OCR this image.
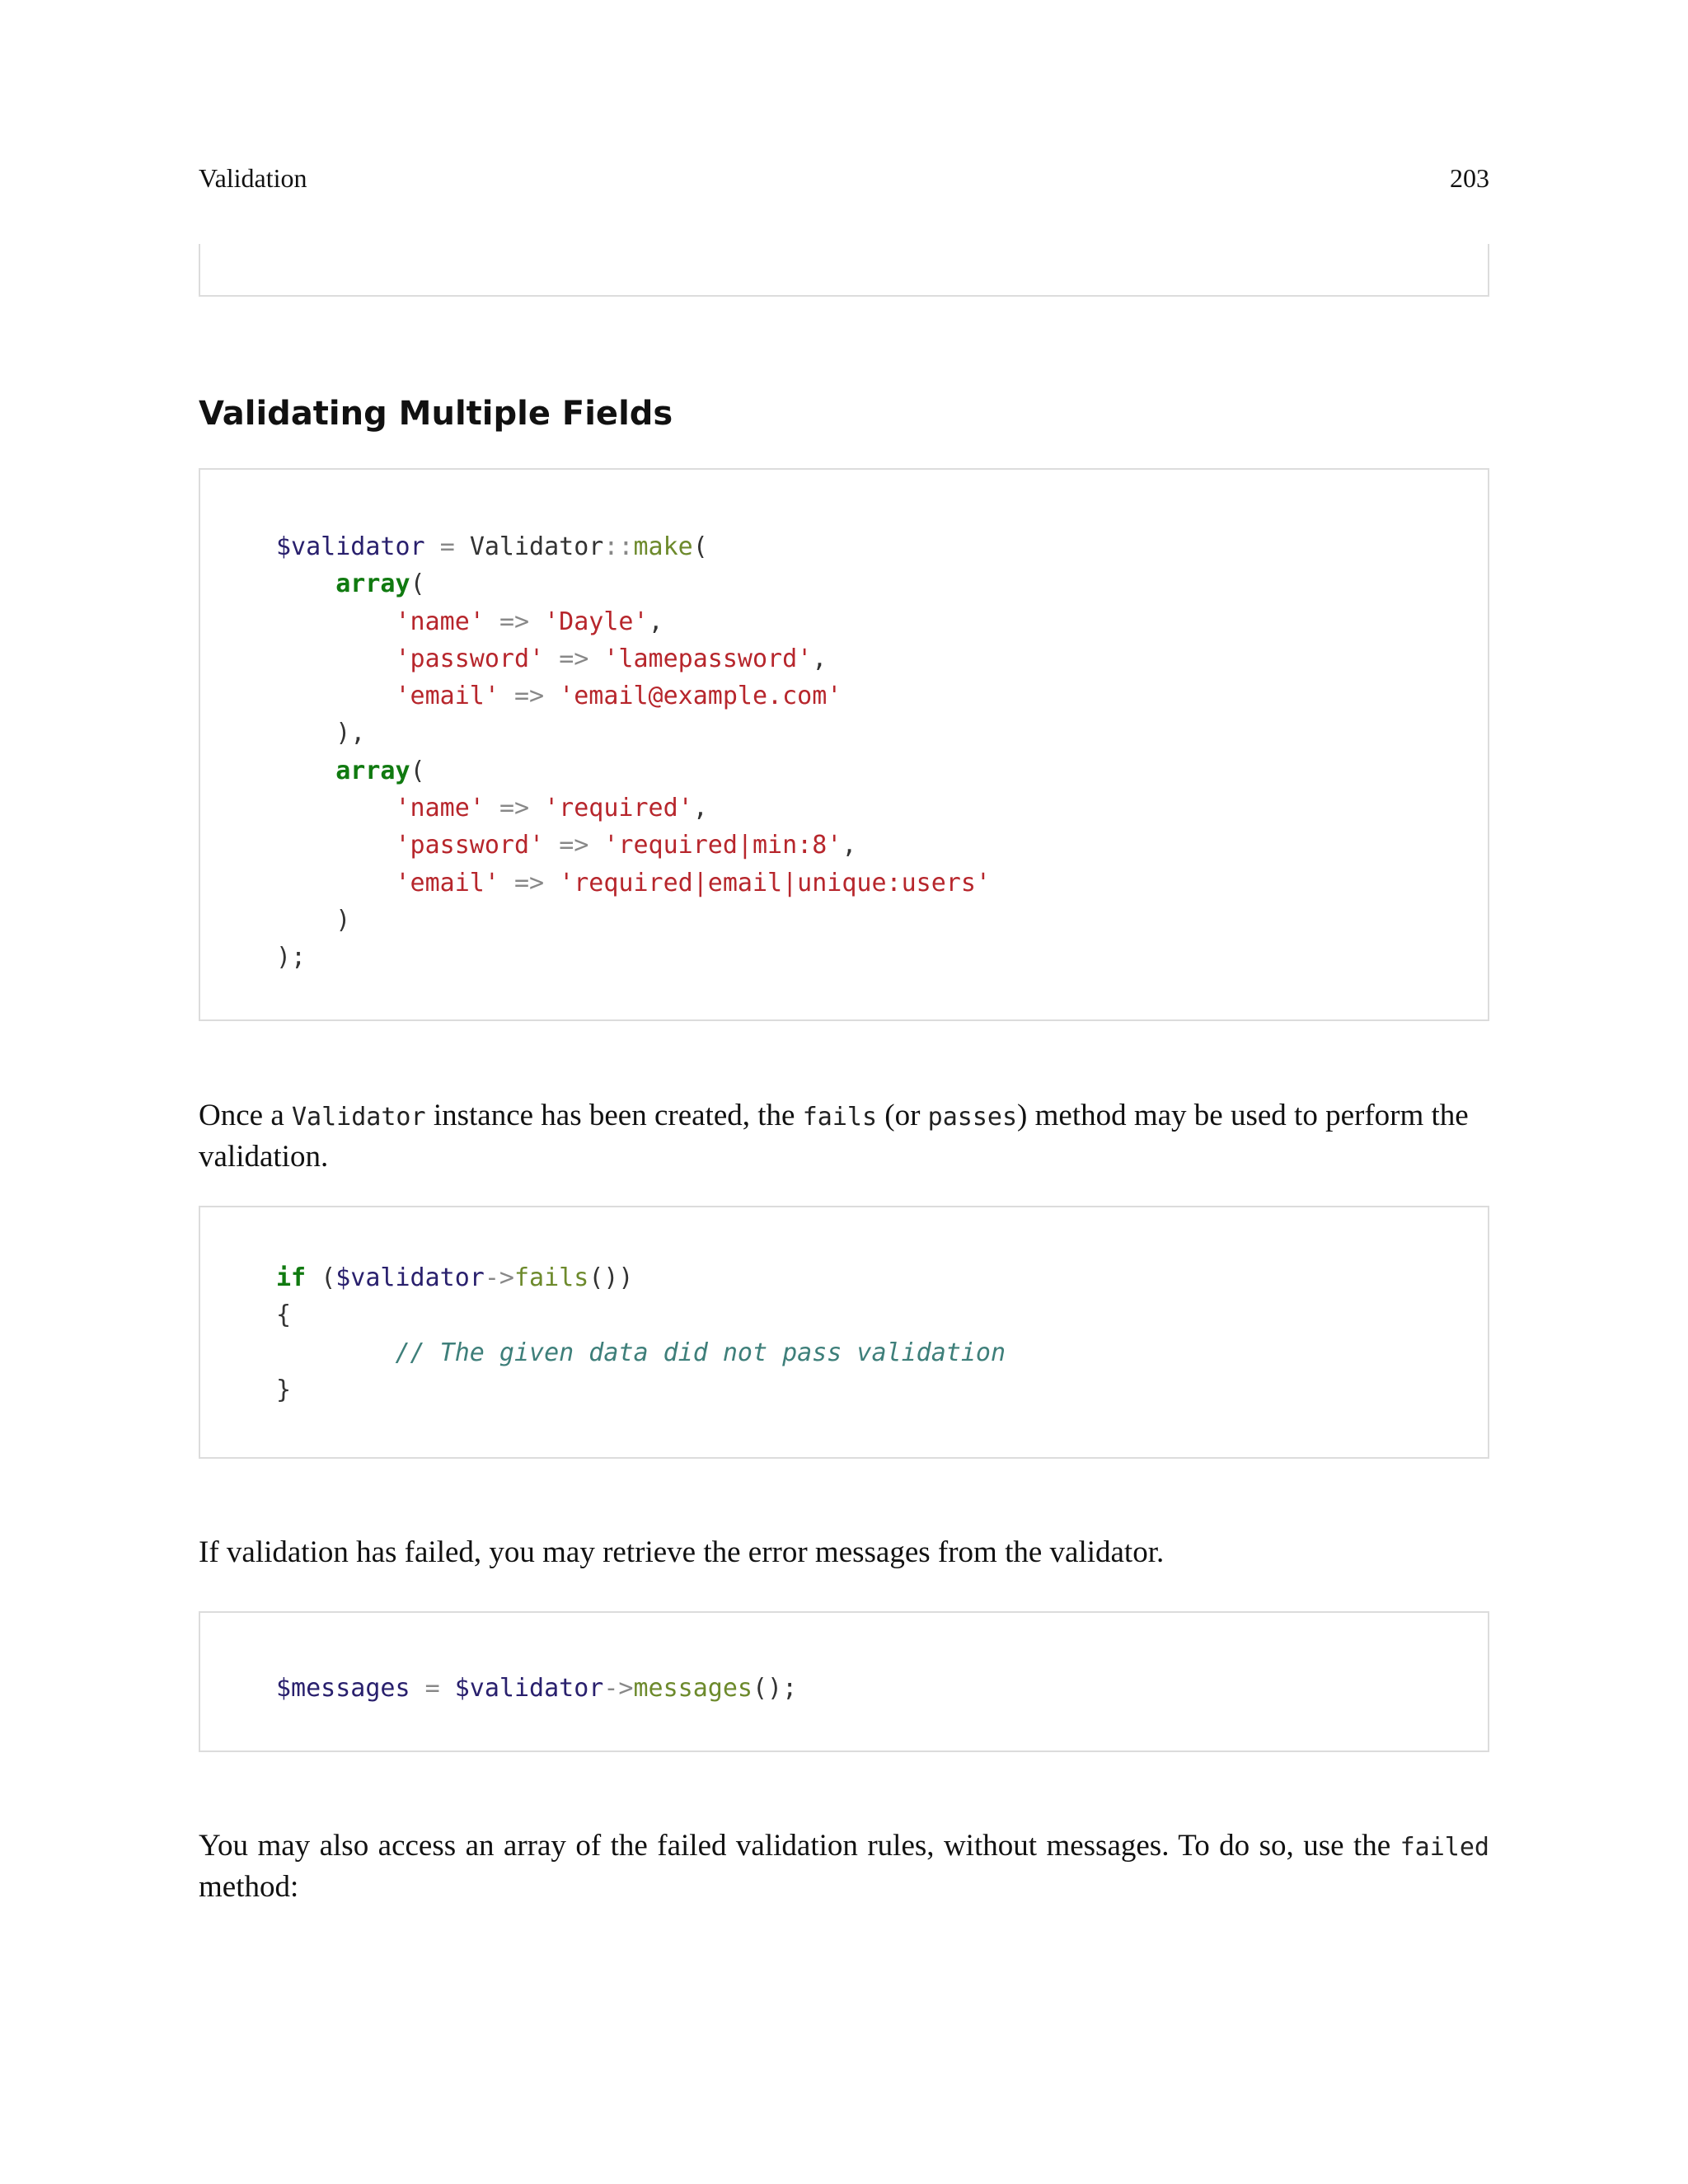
Validation	203
Validating Multiple Fields
$validator = Validator::make(
array(
'name' => 'Dayle',
'password' => 'lamepassword',
'email' => 'email@example.com'
),
array(
'name' => 'required',
'password' => 'required|min:8',
'email' => 'required|email|unique:users'
)
);

Once a Validator instance has been created, the fails (or passes) method may be used to perform the validation.

if ($validator->fails())
{
// The given data did not pass validation
}

If validation has failed, you may retrieve the error messages from the validator.

$messages = $validator->messages();

You may also access an array of the failed validation rules, without messages. To do so, use the failed method:
